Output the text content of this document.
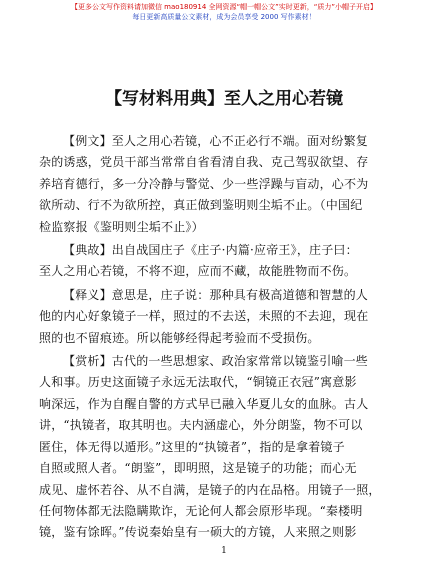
【更多公文写作资料请加微信 mao180914 全网资源“帽一帽公文”实时更新，“质力”小帽子开启】
每日更新高质量公文素材，成为会员享受 2000 写作素材！
【写材料用典】至人之用心若镜
【例文】至人之用心若镜，心不正必行不端。面对纷繁复
杂的诱惑，党员干部当常常自省看清自我、克己驾驭欲望、存
养培育德行，多一分冷静与警觉、少一些浮躁与盲动，心不为
欲所动、行不为欲所控，真正做到鉴明则尘垢不止。（中国纪
检监察报《鉴明则尘垢不止》）
【典故】出自战国庄子《庄子·内篇·应帝王》，庄子曰：
至人之用心若镜，不将不迎，应而不藏，故能胜物而不伤。
【释义】意思是，庄子说：那种具有极高道德和智慧的人
他的内心好象镜子一样，照过的不去送，未照的不去迎，现在
照的也不留痕迹。所以能够经得起考验而不受损伤。
【赏析】古代的一些思想家、政治家常常以镜鉴引喻一些
人和事。历史这面镜子永远无法取代，“铜镜正衣冠”寓意影
响深远，作为自醒自警的方式早已融入华夏儿女的血脉。古人
讲，“执镜者，取其明也。夫内涵虚心，外分朗鉴，物不可以
匿住，体无得以遁形。”这里的“执镜者”，指的是拿着镜子
自照或照人者。“朗鉴”，即明照，这是镜子的功能；而心无
成见、虚怀若谷、从不自满，是镜子的内在品格。用镜子一照，
任何物体都无法隐瞒欺诈，无论何人都会原形毕现。“秦楼明
镜，鉴有馀晖。”传说秦始皇有一硕大的方镜，人来照之则影
1
